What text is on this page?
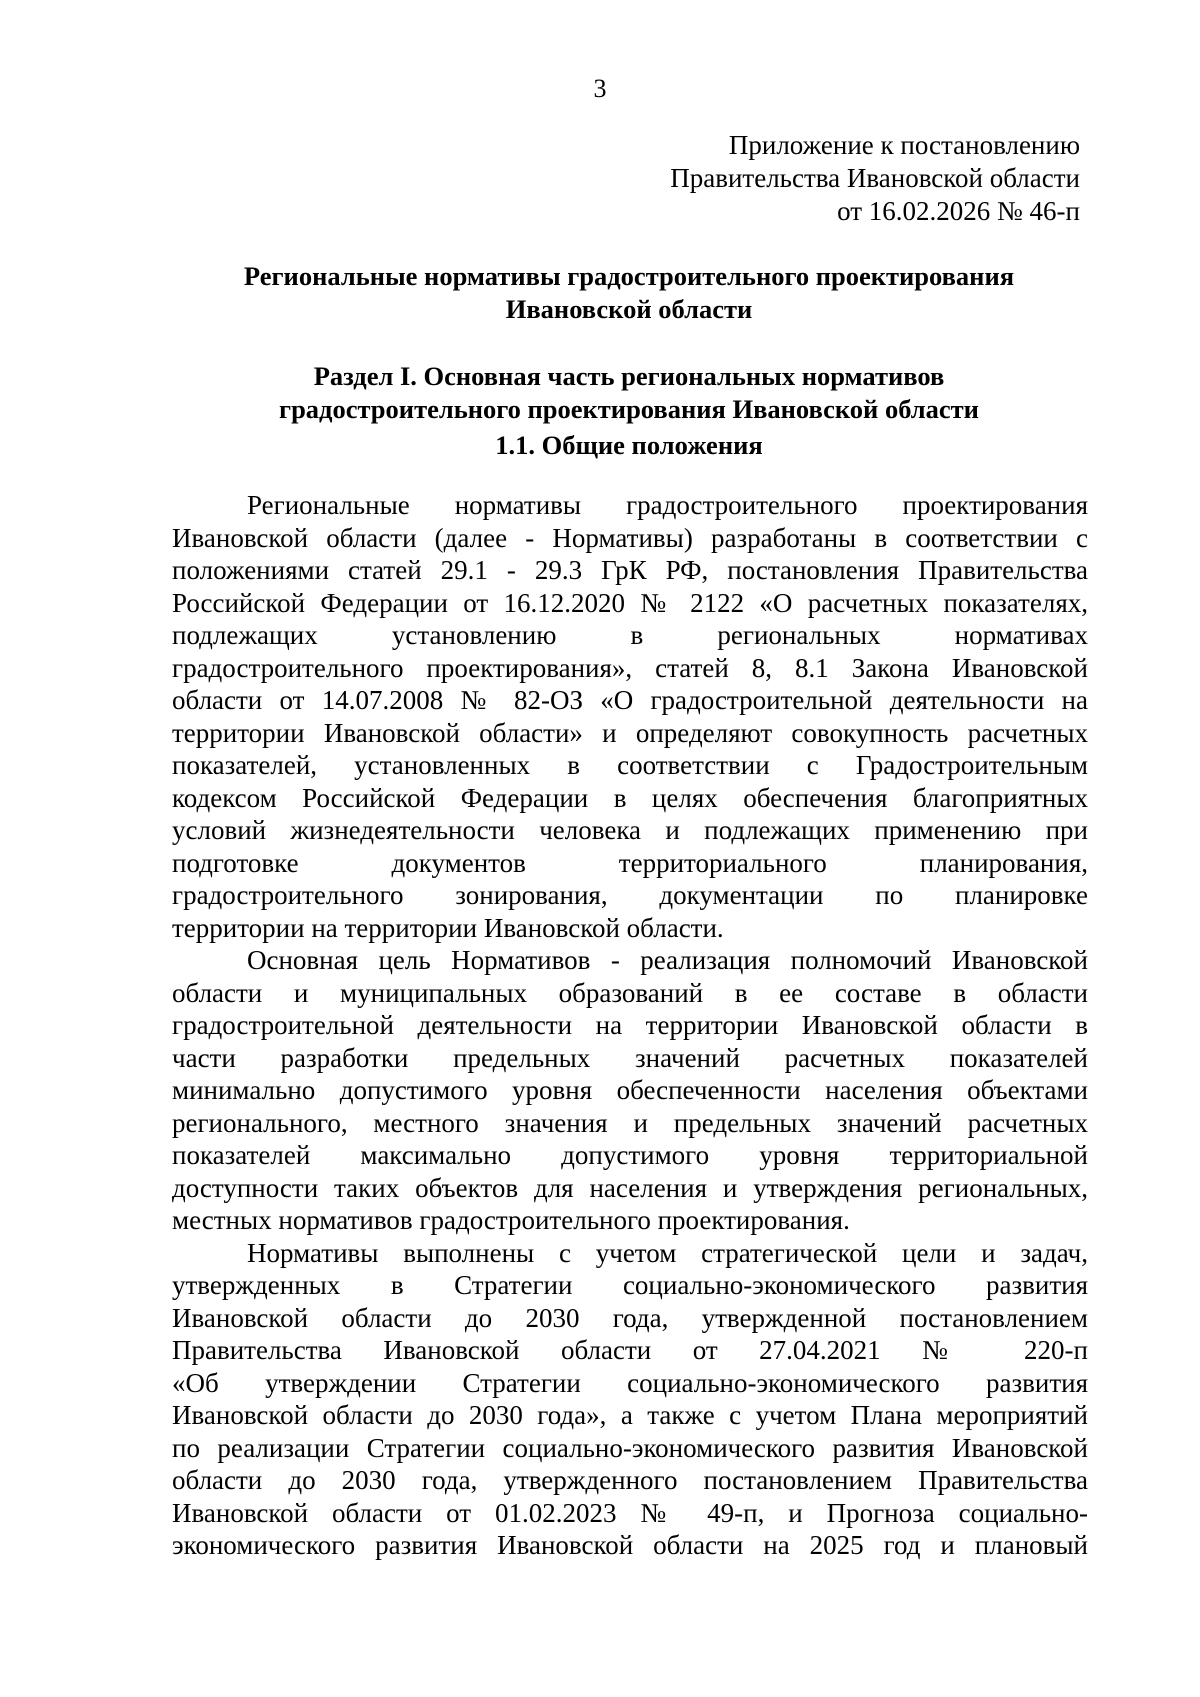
3
Приложение к постановлению
Правительства Ивановской области
от 16.02.2026 № 46-п
Региональные нормативы градостроительного проектирования
Ивановской области
Раздел I. Основная часть региональных нормативов
градостроительного проектирования Ивановской области
1.1. Общие положения
Региональные нормативы градостроительного проектирования
Ивановской области (далее - Нормативы) разработаны в соответствии с
положениями статей 29.1 - 29.3 ГрК РФ, постановления Правительства
Российской Федерации от 16.12.2020 № 2122 «О расчетных показателях,
подлежащих установлению в региональных нормативах
градостроительного проектирования», статей 8, 8.1 Закона Ивановской
области от 14.07.2008 № 82-ОЗ «О градостроительной деятельности на
территории Ивановской области» и определяют совокупность расчетных
показателей, установленных в соответствии с Градостроительным
кодексом Российской Федерации в целях обеспечения благоприятных
условий жизнедеятельности человека и подлежащих применению при
подготовке документов территориального планирования,
градостроительного зонирования, документации по планировке
территории на территории Ивановской области.
Основная цель Нормативов - реализация полномочий Ивановской
области и муниципальных образований в ее составе в области
градостроительной деятельности на территории Ивановской области в
части разработки предельных значений расчетных показателей
минимально допустимого уровня обеспеченности населения объектами
регионального, местного значения и предельных значений расчетных
показателей максимально допустимого уровня территориальной
доступности таких объектов для населения и утверждения региональных,
местных нормативов градостроительного проектирования.
Нормативы выполнены с учетом стратегической цели и задач,
утвержденных в Стратегии социально-экономического развития
Ивановской области до 2030 года, утвержденной постановлением
Правительства Ивановской области от 27.04.2021 № 220-п
«Об утверждении Стратегии социально-экономического развития
Ивановской области до 2030 года», а также с учетом Плана мероприятий
по реализации Стратегии социально-экономического развития Ивановской
области до 2030 года, утвержденного постановлением Правительства
Ивановской области от 01.02.2023 № 49-п, и Прогноза социально-
экономического развития Ивановской области на 2025 год и плановый
